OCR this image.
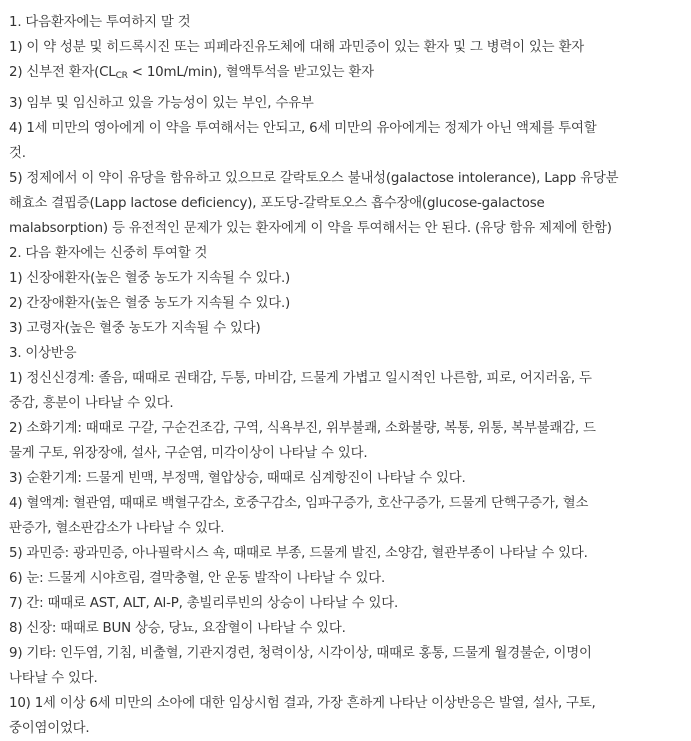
1. 다음환자에는 투여하지 말 것

1) 이 약 성분 및 히드록시진 또는 피페라진유도체에 대해 과민증이 있는 환자 및 그 병력이 있는 환자

2) 신부전 환자$(CL_{CR} < 10mL/\min)$, 혈액투석을 받고있는 환자

3) 임부 및 임신하고 있을 가능성이 있는 부인, 수유부

4) 1세 미만의 영아에게 이 약을 투여해서는 안되고, 6세 미만의 유아에게는 정제가 아닌 액제를 투여할

것.

5) 정제에서 이 약이 유당을 함유하고 있으므로 갈락토오스 불내성(galactose intolerance), Lapp 유당분

해효소 결핍증(Lapp lactose deficiency), 포도당-갈락토오스 흡수장애(glucose-galactose

malabsorption) 등 유전적인 문제가 있는 환자에게 이 약을 투여해서는 안 된다. (유당 함유 제제에 한함)

2. 다음 환자에는 신중히 투여할 것

1) 신장애환자(높은 혈중 농도가 지속될 수 있다.)

2) 간장애환자(높은 혈중 농도가 지속될 수 있다.)

3) 고령자(높은 혈중 농도가 지속될 수 있다)

3. 이상반응

1) 정신신경계: 졸음, 때때로 권태감, 두통, 마비감, 드물게 가볍고 일시적인 나른함, 피로, 어지러움, 두

중감, 흥분이 나타날 수 있다.

2) 소화기계: 때때로 구갈, 구순건조감, 구역, 식욕부진, 위부불쾌, 소화불량, 복통, 위통, 복부불쾌감, 드

물게 구토, 위장장애, 설사, 구순염, 미각이상이 나타날 수 있다.

3) 순환기계: 드물게 빈맥, 부정맥, 혈압상승, 때때로 심계항진이 나타날 수 있다.

4) 혈액계: 혈관염, 때때로 백혈구감소, 호중구감소, 임파구증가, 호산구증가, 드물게 단핵구증가, 혈소

판증가, 혈소판감소가 나타날 수 있다.

5) 과민증: 광과민증, 아나필락시스 쇽, 때때로 부종, 드물게 발진, 소양감, 혈관부종이 나타날 수 있다.

6) 눈: 드물게 시야흐림, 결막충혈, 안 운동 발작이 나타날 수 있다.

7) 간: 때때로 AST, ALT, Al-P, 총빌리루빈의 상승이 나타날 수 있다.

8) 신장: 때때로 BUN 상승, 당뇨, 요잠혈이 나타날 수 있다.

9) 기타: 인두염, 기침, 비출혈, 기관지경련, 청력이상, 시각이상, 때때로 홍통, 드물게 월경불순, 이명이

나타날 수 있다.

10) 1세 이상 6세 미만의 소아에 대한 임상시험 결과, 가장 흔하게 나타난 이상반응은 발열, 설사, 구토,

중이염이었다.
